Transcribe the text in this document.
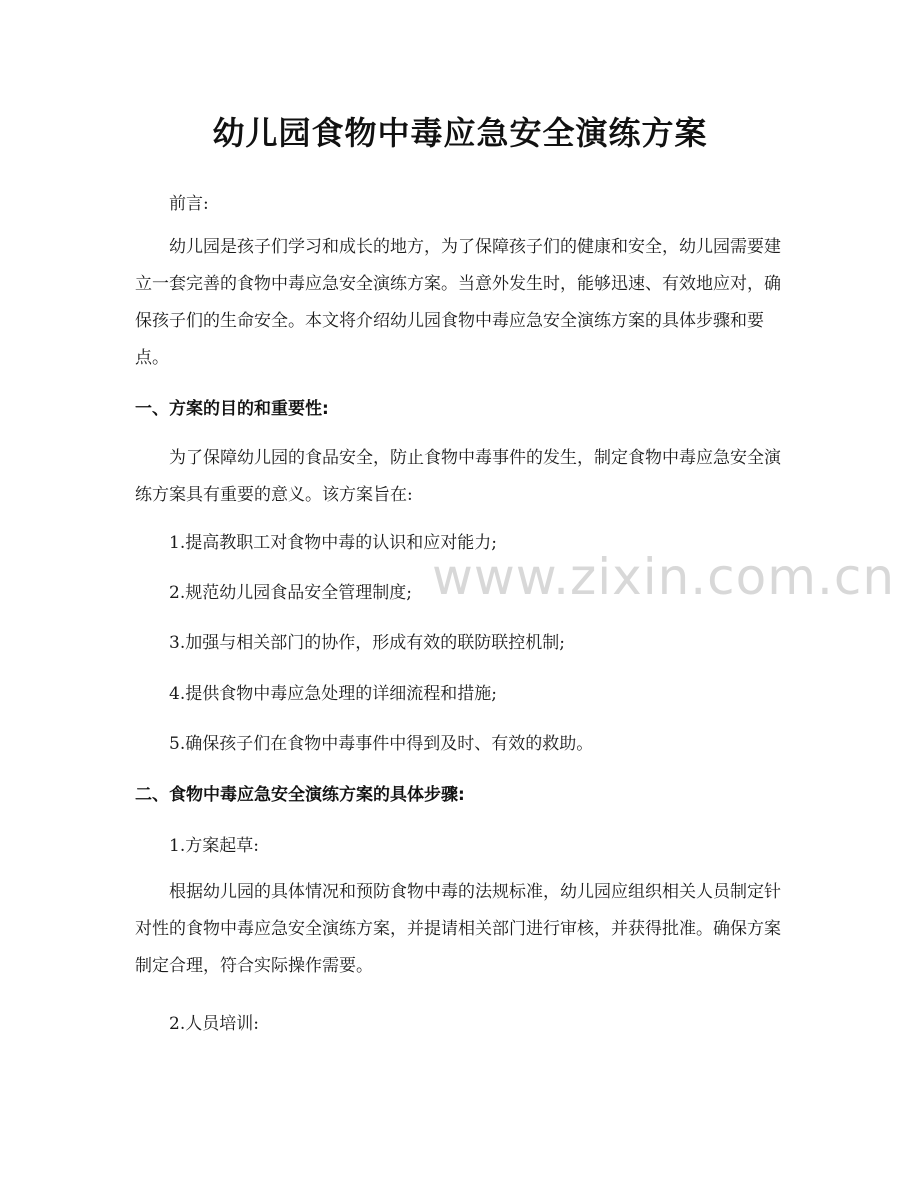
www.zixin.com.cn
幼儿园食物中毒应急安全演练方案
前言:
幼儿园是孩子们学习和成长的地方，为了保障孩子们的健康和安全，幼儿园需要建立一套完善的食物中毒应急安全演练方案。当意外发生时，能够迅速、有效地应对，确保孩子们的生命安全。本文将介绍幼儿园食物中毒应急安全演练方案的具体步骤和要点。
一、方案的目的和重要性:
为了保障幼儿园的食品安全，防止食物中毒事件的发生，制定食物中毒应急安全演练方案具有重要的意义。该方案旨在:
1.提高教职工对食物中毒的认识和应对能力;
2.规范幼儿园食品安全管理制度;
3.加强与相关部门的协作，形成有效的联防联控机制;
4.提供食物中毒应急处理的详细流程和措施;
5.确保孩子们在食物中毒事件中得到及时、有效的救助。
二、食物中毒应急安全演练方案的具体步骤:
1.方案起草:
根据幼儿园的具体情况和预防食物中毒的法规标准，幼儿园应组织相关人员制定针对性的食物中毒应急安全演练方案，并提请相关部门进行审核，并获得批准。确保方案制定合理，符合实际操作需要。
2.人员培训:
